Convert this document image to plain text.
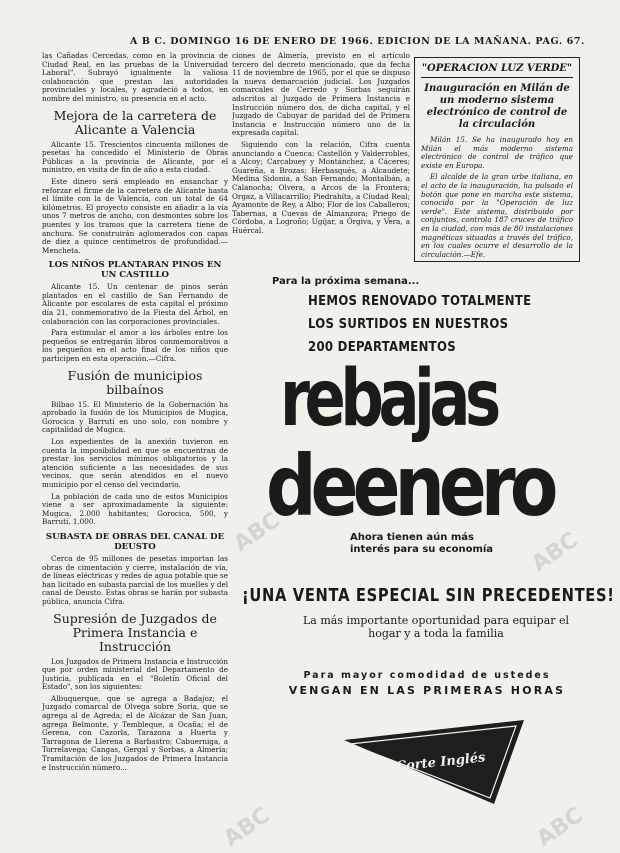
A B C. DOMINGO 16 DE ENERO DE 1966. EDICION DE LA MAÑANA. PAG. 67.

las Cañadas Cercedas, como en la provincia de Ciudad Real, en las pruebas de la Universidad Laboral". Subrayó igualmente la valiosa colaboración que prestan las autoridades provinciales y locales, y agradeció a todos, en nombre del ministro, su presencia en el acto.

Mejora de la carretera de Alicante a Valencia

Alicante 15. Trescientos cincuenta millones de pesetas ha concedido el Ministerio de Obras Públicas a la provincia de Alicante, por el ministro, en visita de fin de año a esta ciudad.

Este dinero será empleado en ensanchar y reforzar el firme de la carretera de Alicante hasta el límite con la de Valencia, con un total de 64 kilómetros. El proyecto consiste en añadir a la vía unos 7 metros de ancho, con desmontes sobre los puentes y los tramos que la carretera tiene de anchura. Se construirán aglomerados con capas de diez a quince centímetros de profundidad.—Mencheta.

LOS NIÑOS PLANTARAN PINOS EN UN CASTILLO

Alicante 15. Un centenar de pinos serán plantados en el castillo de San Fernando de Alicante por escolares de esta capital el próximo día 21, conmemorativo de la Fiesta del Árbol, en colaboración con las corporaciones provinciales.

Para estimular el amor a los árboles entre los pequeños se entregarán libros conmemorativos a los pequeños en el acto final de los niños que participen en esta operación.—Cifra.

Fusión de municipios bilbaínos

Bilbao 15. El Ministerio de la Gobernación ha aprobado la fusión de los Municipios de Mugica, Gorocica y Barrutí en uno solo, con nombre y capitalidad de Mugica.

Los expedientes de la anexión tuvieron en cuenta la imposibilidad en que se encuentran de prestar los servicios mínimos obligatorios y la atención suficiente a las necesidades de sus vecinos, que serán atendidos en el nuevo municipio por el censo del vecindario.

La población de cada uno de estos Municipios viene a ser aproximadamente la siguiente: Mugica, 2.000 habitantes; Gorocica, 500, y Barrutí, 1.000.

SUBASTA DE OBRAS DEL CANAL DE DEUSTO

Cerca de 95 millones de pesetas importan las obras de cimentación y cierre, instalación de vía, de líneas eléctricas y redes de agua potable que se han licitado en subasta parcial de los muelles y del canal de Deusto. Estas obras se harán por subasta pública, anuncia Cifra.

Supresión de Juzgados de Primera Instancia e Instrucción

Los Juzgados de Primera Instancia e Instrucción que por orden ministerial del Departamento de Justicia, publicada en el "Boletín Oficial del Estado", son los siguientes:

Albuquerque, que se agrega a Badajoz; el Juzgado comarcal de Olvega sobre Soria, que se agrega al de Agreda; el de Alcázar de San Juan, agrega Belmonte, y Tembleque, a Ocaña; el de Gerena, con Cazorla, Tarazona a Huerta y Tarragona de Llerena a Barbastro; Cabuerniga, a Torrelavega; Cangas, Gergal y Sorbas, a Almería; Tramitación de los Juzgados de Primera Instancia e Instrucción número...

ciones de Almería, previsto en el artículo tercero del decreto mencionado, que da fecha 11 de noviembre de 1965, por el que se dispuso la nueva demarcación judicial. Los Juzgados comarcales de Cerredo y Sorbas seguirán adscritos al Juzgado de Primera Instancia e Instrucción número dos, de dicha capital, y el Juzgado de Cabuyar de paridad del de Primera Instancia e Instrucción número uno de la expresada capital.

Siguiendo con la relación, Cifra cuenta anunciando a Cuenca: Castellón y Valderrobles, a Alcoy; Carcabuey y Montánchez, a Cáceres; Guareña, a Brozas; Herbasqués, a Alcaudete; Medina Sidonia, a San Fernando; Montalbán, a Calanocha; Olvera, a Arcos de la Frontera; Orgaz, a Villacarrillo; Piedrahíta, a Ciudad Real; Ayamonte de Rey, a Albo; Flor de los Caballeros; Tabernas, a Cuevas de Almanzora; Priego de Córdoba, a Logroño; Ugíjar, a Órgiva, y Vera, a Huércal.

"OPERACION LUZ VERDE"
Inauguración en Milán de un moderno sistema electrónico de control de la circulación

Milán 15. Se ha inaugurado hoy en Milán el más moderno sistema electrónico de control de tráfico que existe en Europa.

El alcalde de la gran urbe italiana, en el acto de la inauguración, ha pulsado el botón que pone en marcha este sistema, conocido por la "Operación de luz verde". Este sistema, distribuido por conjuntos, controla 187 cruces de tráfico en la ciudad, con más de 80 instalaciones magnéticas situadas a través del tráfico, en los cuales ocurre el desarrollo de la circulación.—Efe.

Para la próxima semana...
HEMOS RENOVADO TOTALMENTE
LOS SURTIDOS EN NUESTROS
200 DEPARTAMENTOS
rebajas
deenero
Ahora tienen aún más interés para su economía
¡UNA VENTA ESPECIAL SIN PRECEDENTES!
La más importante oportunidad para equipar el hogar y a toda la familia
Para mayor comodidad de ustedes
VENGAN EN LAS PRIMERAS HORAS
El Corte Inglés
ABC	ABC
ABC	ABC
